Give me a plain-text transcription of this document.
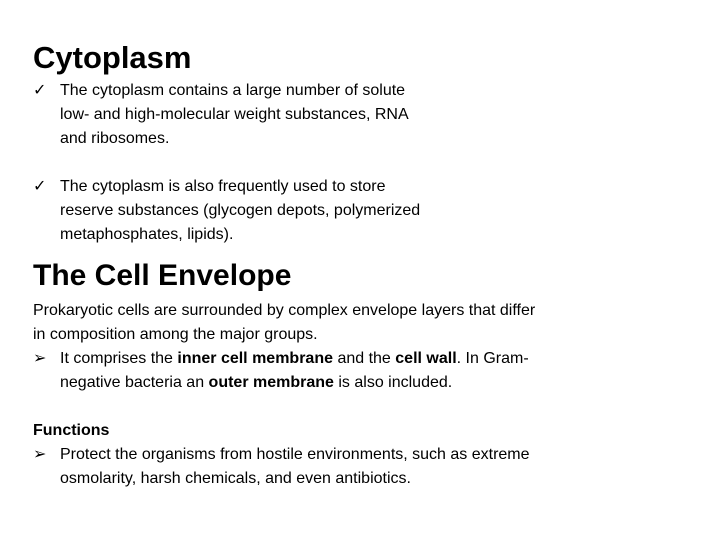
Cytoplasm
✓ The cytoplasm contains a large number of solute low- and high-molecular weight substances, RNA and ribosomes.
✓ The cytoplasm is also frequently used to store reserve substances (glycogen depots, polymerized metaphosphates, lipids).
The Cell Envelope
Prokaryotic cells are surrounded by complex envelope layers that differ in composition among the major groups.
➢ It comprises the inner cell membrane and the cell wall. In Gram- negative bacteria an outer membrane is also included.
Functions
➢ Protect the organisms from hostile environments, such as extreme osmolarity, harsh chemicals, and even antibiotics.
